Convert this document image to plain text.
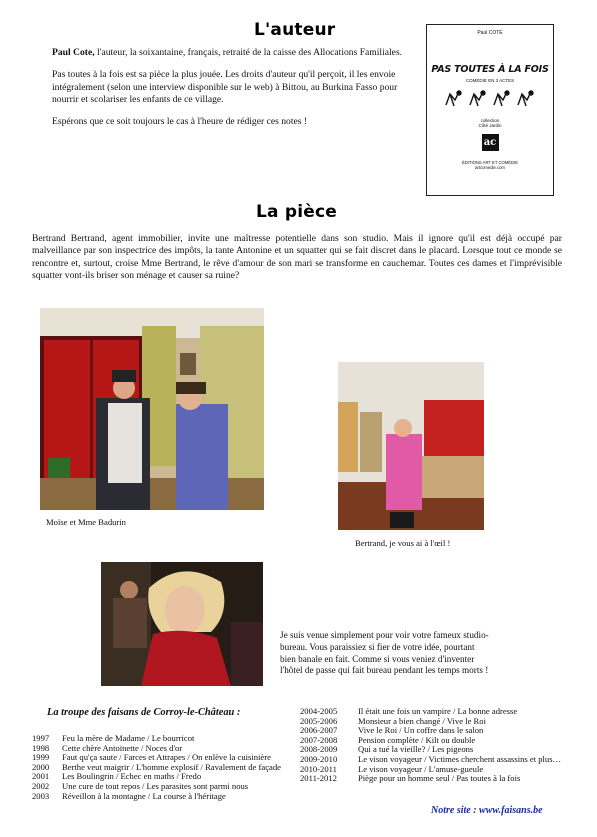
L'auteur

Paul Cote, l'auteur, la soixantaine, français, retraité de la caisse des Allocations Familiales.

Pas toutes à la fois est sa pièce la plus jouée. Les droits d'auteur qu'il perçoit, il les envoie intégralement (selon une interview disponible sur le web) à Bittou, au Burkina Fasso pour nourrir et scolariser les enfants de ce village.

Espérons que ce soit toujours le cas à l'heure de rédiger ces notes !

Paul COTE
PAS TOUTES À LA FOIS
COMÉDIE EN 3 ACTES
collection
Côté Jardin
ac
ÉDITIONS ART ET COMÉDIE
artcomedie.com
La pièce
Bertrand Bertrand, agent immobilier, invite une maîtresse potentielle dans son studio. Mais il ignore qu'il est déjà occupé par malveillance par son inspectrice des impôts, la tante Antonine et un squatter qui se fait discret dans le placard. Lorsque tout ce monde se rencontre et, surtout, croise Mme Bertrand, le rêve d'amour de son mari se transforme en cauchemar. Toutes ces dames et l'imprévisible squatter vont-ils briser son ménage et causer sa ruine?
Moïse et Mme Badurin
Bertrand, je vous ai à l'œil !
Je suis venue simplement pour voir votre fameux studio-bureau. Vous paraissiez si fier de votre idée, pourtant bien banale en fait. Comme si vous veniez d'inventer l'hôtel de passe qui fait bureau pendant les temps morts !
La troupe des faisans de Corroy-le-Château :
1997	Feu la mère de Madame / Le bourricot
1998	Cette chère Antoinette / Noces d'or
1999	Faut qu'ça saute / Farces et Attrapes / On enlève la cuisinière
2000	Berthe veut maigrir / L'homme explosif / Ravalement de façade
2001	Les Boulingrin / Echec en maths / Fredo
2002	Une cure de tout repos / Les parasites sont parmi nous
2003	Réveillon à la montagne / La course à l'héritage
2004-2005	Il était une fois un vampire / La bonne adresse
2005-2006	Monsieur a bien changé / Vive le Roi
2006-2007	Vive le Roi / Un coffre dans le salon
2007-2008	Pension complète / Kilt ou double
2008-2009	Qui a tué la vieille? / Les pigeons
2009-2010	Le vison voyageur / Victimes cherchent assassins et plus…
2010-2011	Le vison voyageur / L'amuse-gueule
2011-2012	Piège pour un homme seul / Pas toutes à la fois
Notre site : www.faisans.be
